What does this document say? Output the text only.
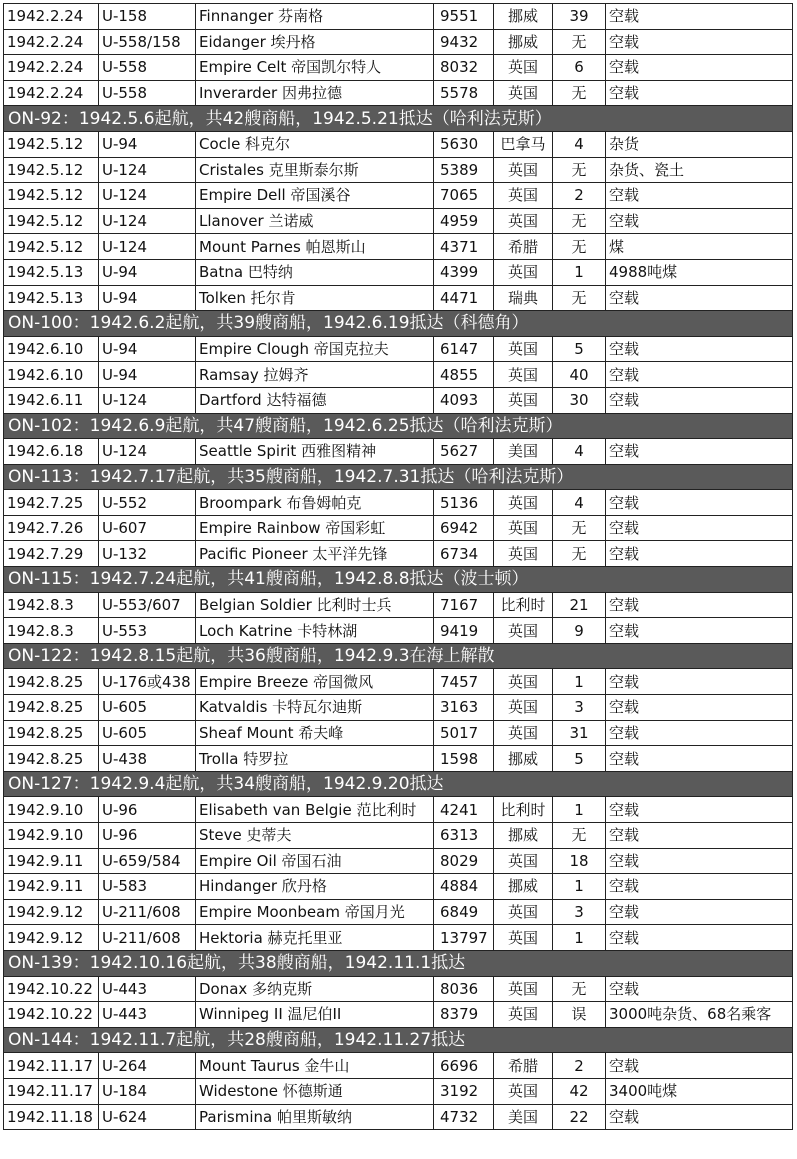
1942.2.24	U-158	Finnanger 芬南格	9551	挪威	39	空载
1942.2.24	U-558/158	Eidanger 埃丹格	9432	挪威	无	空载
1942.2.24	U-558	Empire Celt 帝国凯尔特人	8032	英国	6	空载
1942.2.24	U-558	Inverarder 因弗拉德	5578	英国	无	空载
ON-92：1942.5.6起航，共42艘商船，1942.5.21抵达（哈利法克斯）						
1942.5.12	U-94	Cocle 科克尔	5630	巴拿马	4	杂货
1942.5.12	U-124	Cristales 克里斯泰尔斯	5389	英国	无	杂货、瓷土
1942.5.12	U-124	Empire Dell 帝国溪谷	7065	英国	2	空载
1942.5.12	U-124	Llanover 兰诺威	4959	英国	无	空载
1942.5.12	U-124	Mount Parnes 帕恩斯山	4371	希腊	无	煤
1942.5.13	U-94	Batna 巴特纳	4399	英国	1	4988吨煤
1942.5.13	U-94	Tolken 托尔肯	4471	瑞典	无	空载
ON-100：1942.6.2起航，共39艘商船，1942.6.19抵达（科德角）						
1942.6.10	U-94	Empire Clough 帝国克拉夫	6147	英国	5	空载
1942.6.10	U-94	Ramsay 拉姆齐	4855	英国	40	空载
1942.6.11	U-124	Dartford 达特福德	4093	英国	30	空载
ON-102：1942.6.9起航，共47艘商船，1942.6.25抵达（哈利法克斯）						
1942.6.18	U-124	Seattle Spirit 西雅图精神	5627	美国	4	空载
ON-113：1942.7.17起航，共35艘商船，1942.7.31抵达（哈利法克斯）						
1942.7.25	U-552	Broompark 布鲁姆帕克	5136	英国	4	空载
1942.7.26	U-607	Empire Rainbow 帝国彩虹	6942	英国	无	空载
1942.7.29	U-132	Pacific Pioneer 太平洋先锋	6734	英国	无	空载
ON-115：1942.7.24起航，共41艘商船，1942.8.8抵达（波士顿）						
1942.8.3	U-553/607	Belgian Soldier 比利时士兵	7167	比利时	21	空载
1942.8.3	U-553	Loch Katrine 卡特林湖	9419	英国	9	空载
ON-122：1942.8.15起航，共36艘商船，1942.9.3在海上解散						
1942.8.25	U-176或438	Empire Breeze 帝国微风	7457	英国	1	空载
1942.8.25	U-605	Katvaldis 卡特瓦尔迪斯	3163	英国	3	空载
1942.8.25	U-605	Sheaf Mount 希夫峰	5017	英国	31	空载
1942.8.25	U-438	Trolla 特罗拉	1598	挪威	5	空载
ON-127：1942.9.4起航，共34艘商船，1942.9.20抵达						
1942.9.10	U-96	Elisabeth van Belgie 范比利时	4241	比利时	1	空载
1942.9.10	U-96	Steve 史蒂夫	6313	挪威	无	空载
1942.9.11	U-659/584	Empire Oil 帝国石油	8029	英国	18	空载
1942.9.11	U-583	Hindanger 欣丹格	4884	挪威	1	空载
1942.9.12	U-211/608	Empire Moonbeam 帝国月光	6849	英国	3	空载
1942.9.12	U-211/608	Hektoria 赫克托里亚	13797	英国	1	空载
ON-139：1942.10.16起航，共38艘商船，1942.11.1抵达						
1942.10.22	U-443	Donax 多纳克斯	8036	英国	无	空载
1942.10.22	U-443	Winnipeg II 温尼伯II	8379	英国	误	3000吨杂货、68名乘客
ON-144：1942.11.7起航，共28艘商船，1942.11.27抵达						
1942.11.17	U-264	Mount Taurus 金牛山	6696	希腊	2	空载
1942.11.17	U-184	Widestone 怀德斯通	3192	英国	42	3400吨煤
1942.11.18	U-624	Parismina 帕里斯敏纳	4732	美国	22	空载
